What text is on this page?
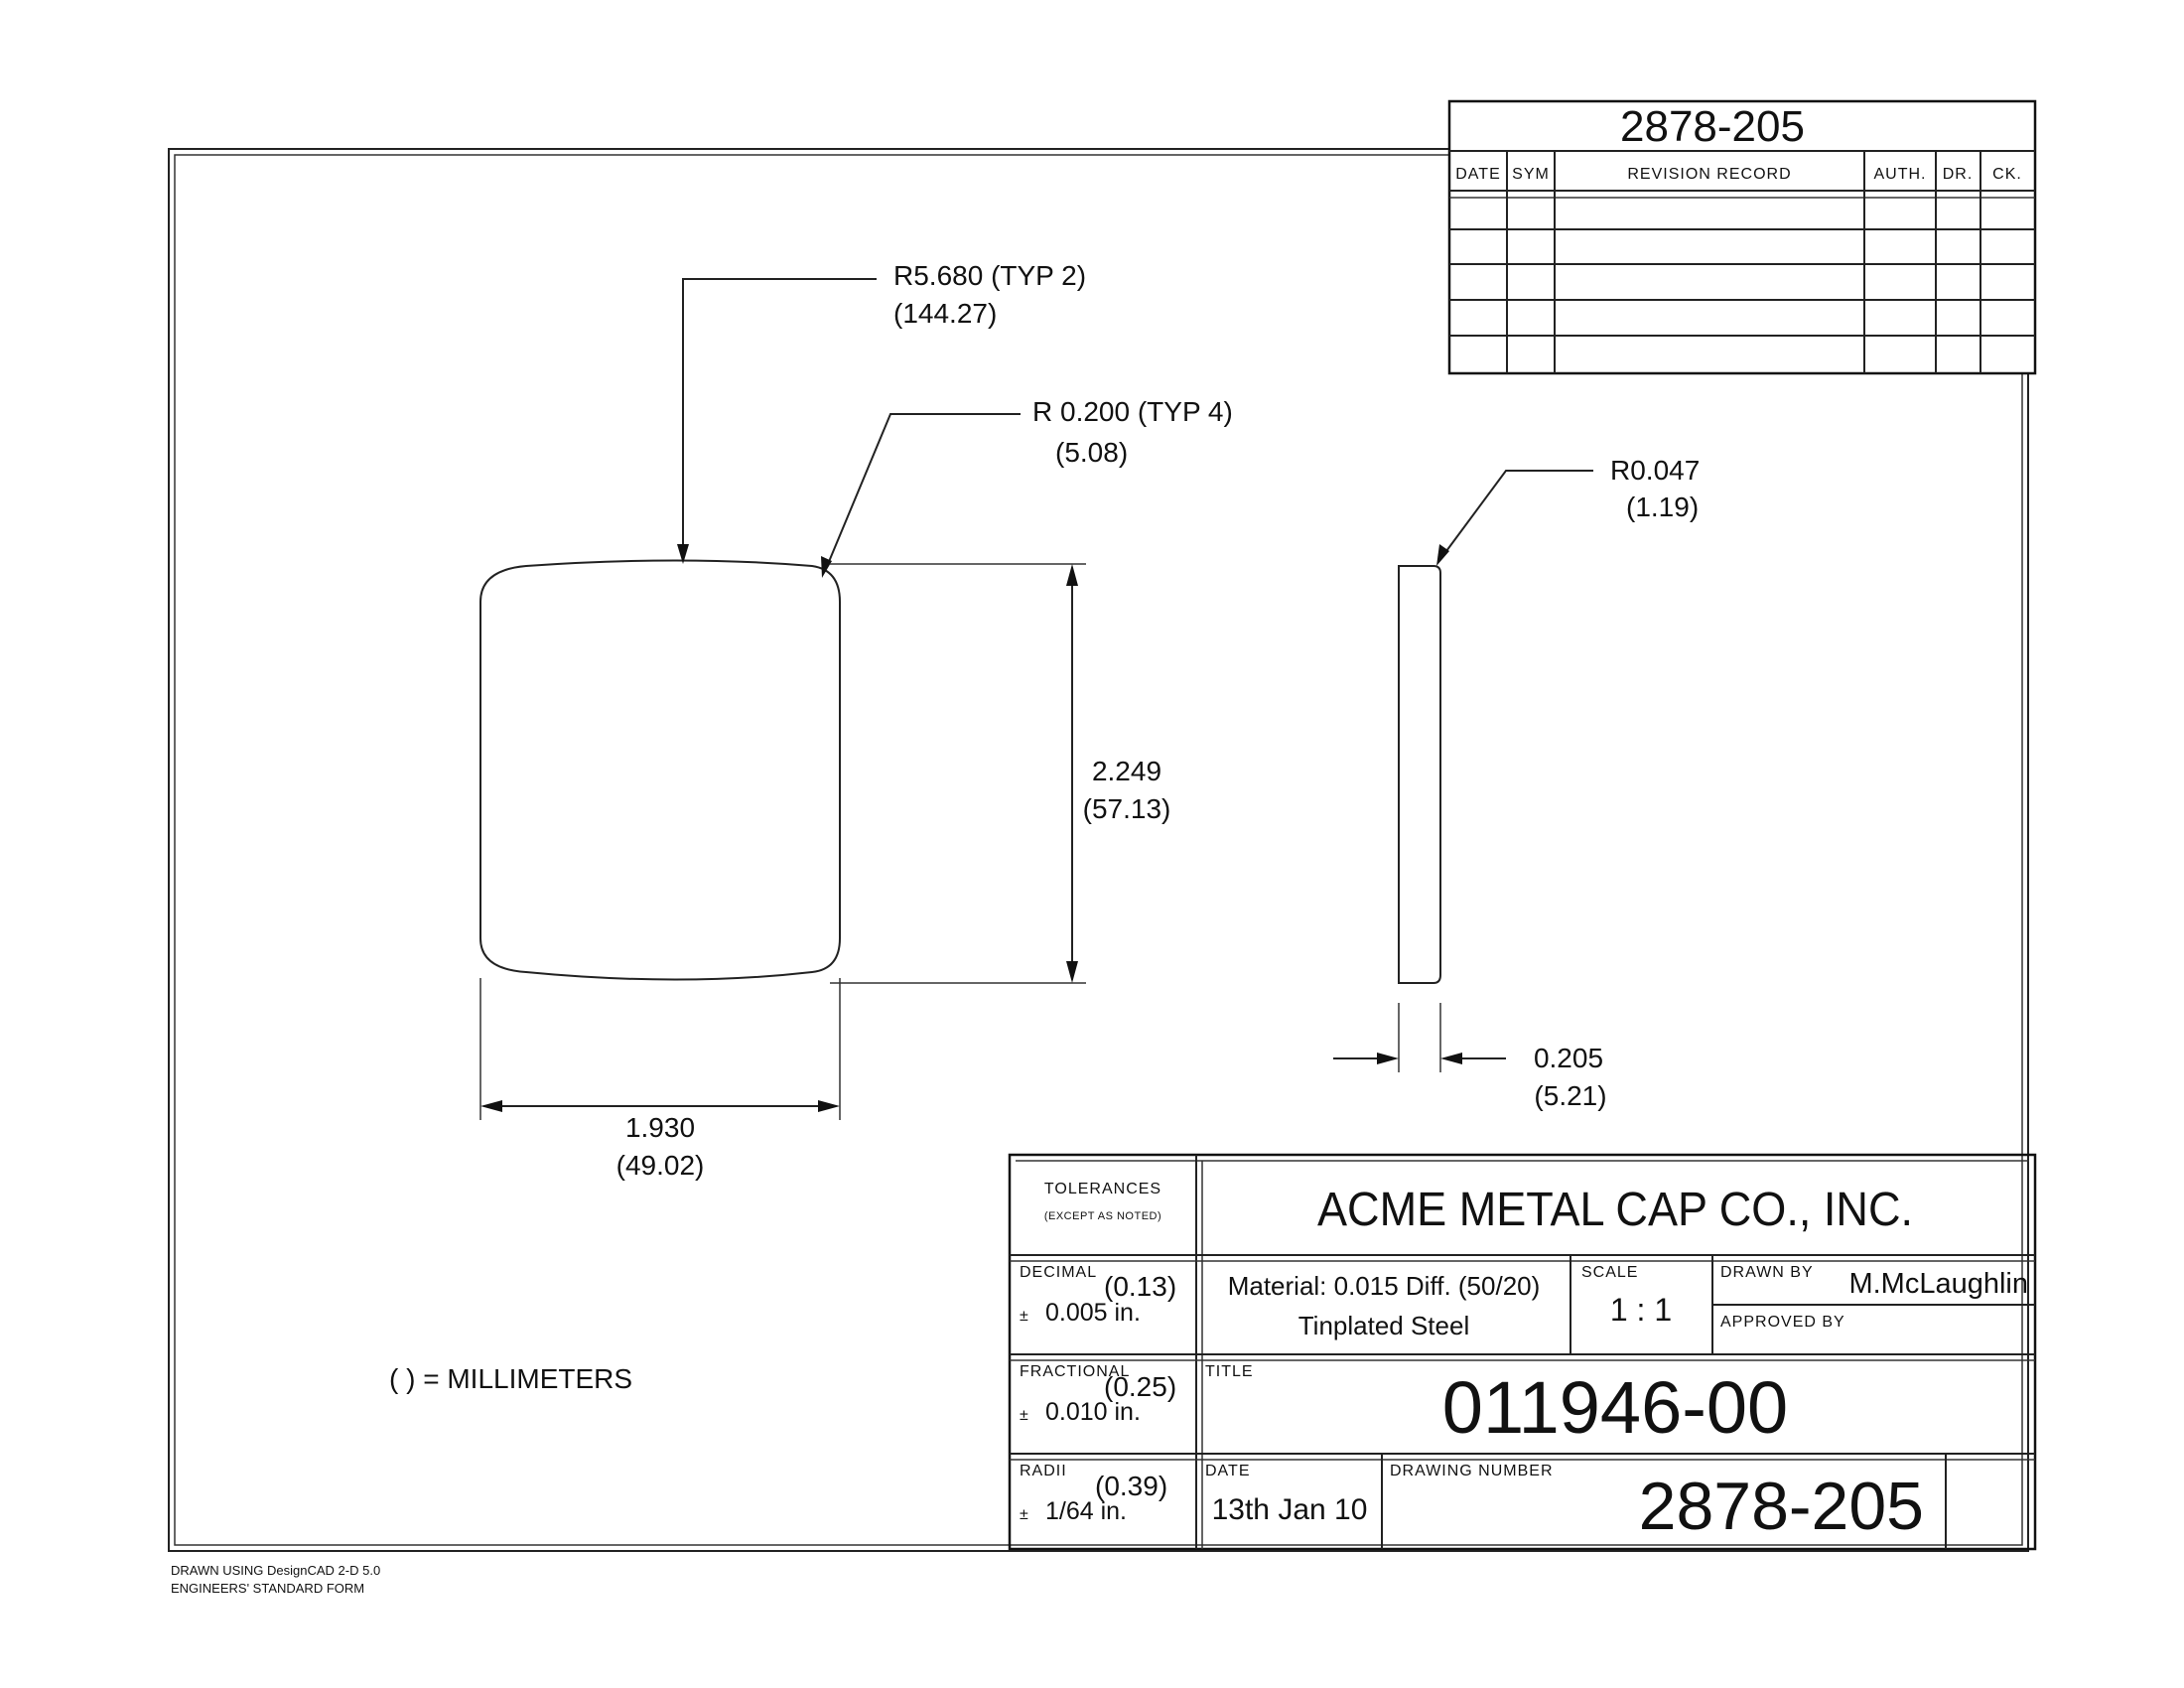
2878-205
DATE SYM	REVISION RECORD	AUTH. DR. CK.
R5.680 (TYP 2)
(144.27)
R 0.200 (TYP 4)
(5.08)
2.249
(57.13)
1.930
(49.02)
R0.047
(1.19)
0.205
(5.21)
( ) = MILLIMETERS
TOLERANCES
(EXCEPT AS NOTED)	ACME METAL CAP CO., INC.
DECIMAL (0.13)
± 0.005 in.
FRACTIONAL
(0.25)
± 0.010 in.
RADII (0.39)
± 1/64 in.
Material: 0.015 Diff. (50/20)
Tinplated Steel
SCALE
1 : 1
DRAWN BY M.McLaughlin
APPROVED BY
TITLE	011946-00
DATE
13th Jan 10
DRAWING NUMBER 2878-205
DRAWN USING DesignCAD 2-D 5.0
ENGINEERS' STANDARD FORM
